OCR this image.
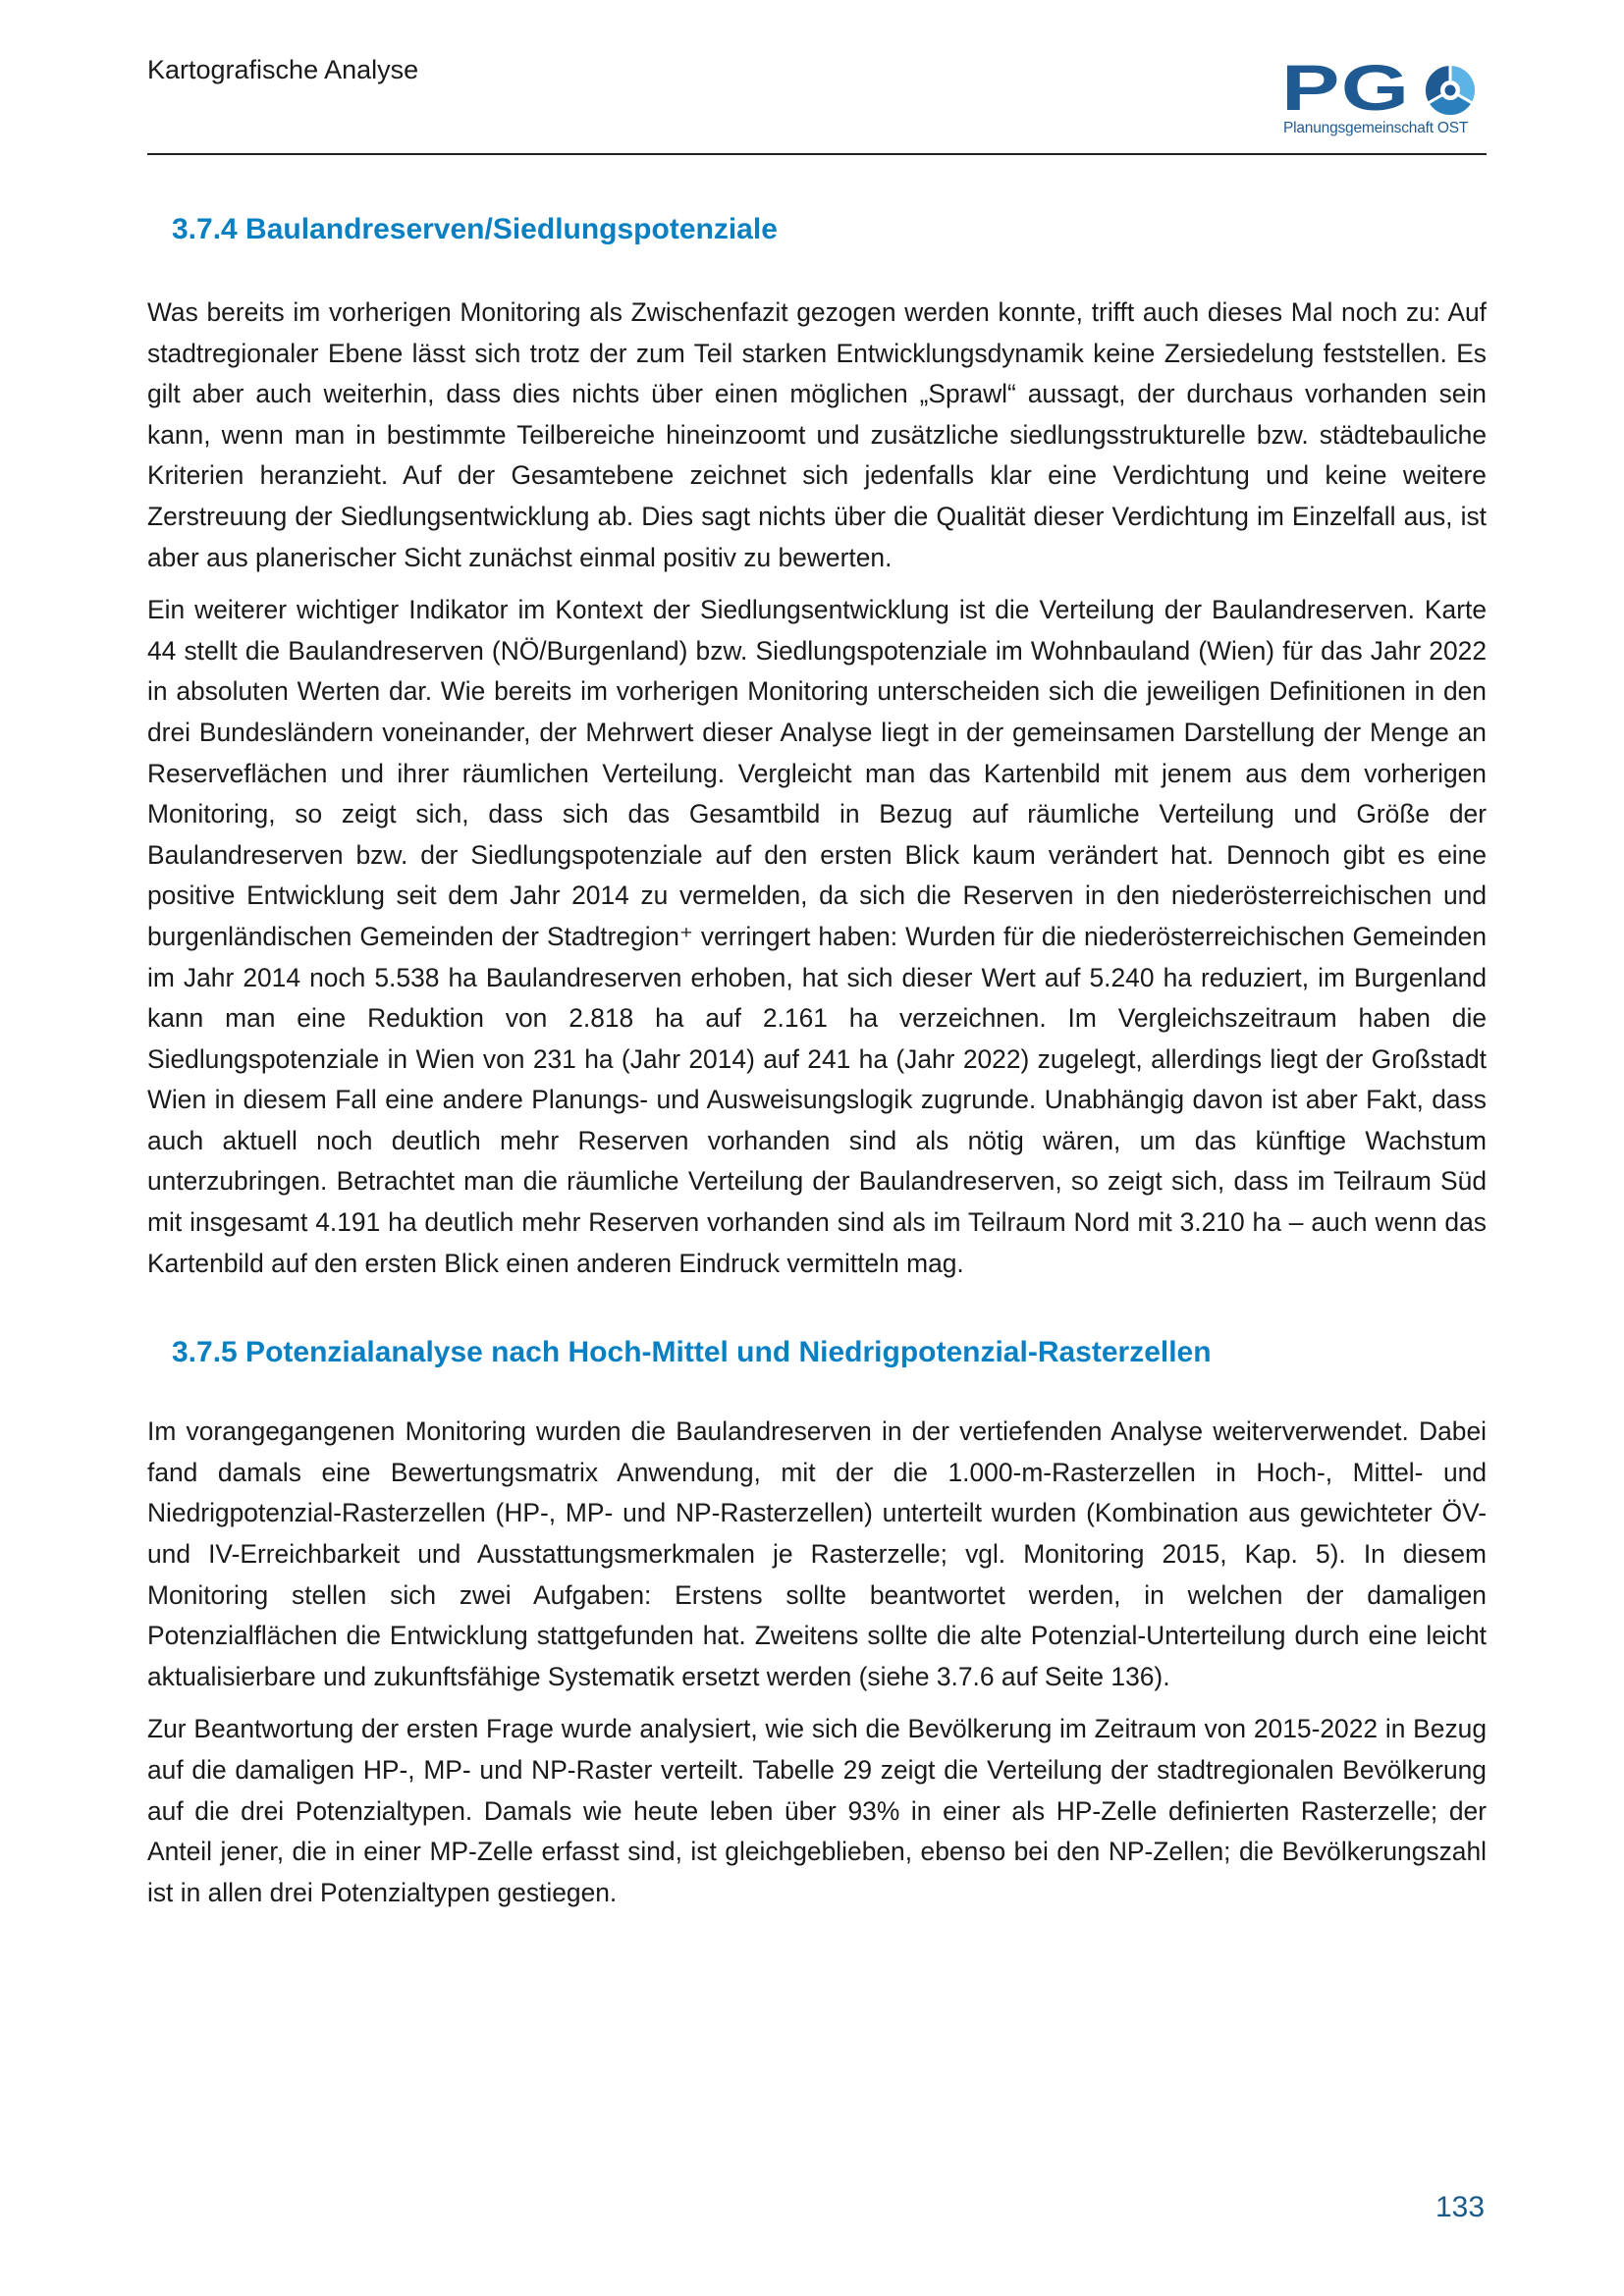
Kartografische Analyse	PG
Planungsgemeinschaft OST
3.7.4 Baulandreserven/Siedlungspotenziale

Was bereits im vorherigen Monitoring als Zwischenfazit gezogen werden konnte, trifft auch dieses Mal noch zu: Auf stadtregionaler Ebene lässt sich trotz der zum Teil starken Entwicklungsdynamik keine Zersiedelung feststellen. Es gilt aber auch weiterhin, dass dies nichts über einen möglichen „Sprawl“ aussagt, der durchaus vorhanden sein kann, wenn man in bestimmte Teilbereiche hineinzoomt und zusätzliche siedlungsstrukturelle bzw. städtebauliche Kriterien heranzieht. Auf der Gesamtebene zeichnet sich jedenfalls klar eine Verdichtung und keine weitere Zerstreuung der Siedlungsentwicklung ab. Dies sagt nichts über die Qualität dieser Verdichtung im Einzelfall aus, ist aber aus planerischer Sicht zunächst einmal positiv zu bewerten.

Ein weiterer wichtiger Indikator im Kontext der Siedlungsentwicklung ist die Verteilung der Baulandreserven. Karte 44 stellt die Baulandreserven (NÖ/Burgenland) bzw. Siedlungspotenziale im Wohnbauland (Wien) für das Jahr 2022 in absoluten Werten dar. Wie bereits im vorherigen Monitoring unterscheiden sich die jeweiligen Definitionen in den drei Bundesländern voneinander, der Mehrwert dieser Analyse liegt in der gemeinsamen Darstellung der Menge an Reserveflächen und ihrer räumlichen Verteilung. Vergleicht man das Kartenbild mit jenem aus dem vorherigen Monitoring, so zeigt sich, dass sich das Gesamtbild in Bezug auf räumliche Verteilung und Größe der Baulandreserven bzw. der Siedlungspotenziale auf den ersten Blick kaum verändert hat. Dennoch gibt es eine positive Entwicklung seit dem Jahr 2014 zu vermelden, da sich die Reserven in den niederösterreichischen und burgenländischen Gemeinden der Stadtregion⁺ verringert haben: Wurden für die niederösterreichischen Gemeinden im Jahr 2014 noch 5.538 ha Baulandreserven erhoben, hat sich dieser Wert auf 5.240 ha reduziert, im Burgenland kann man eine Reduktion von 2.818 ha auf 2.161 ha verzeichnen. Im Vergleichszeitraum haben die Siedlungspotenziale in Wien von 231 ha (Jahr 2014) auf 241 ha (Jahr 2022) zugelegt, allerdings liegt der Großstadt Wien in diesem Fall eine andere Planungs- und Ausweisungslogik zugrunde. Unabhängig davon ist aber Fakt, dass auch aktuell noch deutlich mehr Reserven vorhanden sind als nötig wären, um das künftige Wachstum unterzubringen. Betrachtet man die räumliche Verteilung der Baulandreserven, so zeigt sich, dass im Teilraum Süd mit insgesamt 4.191 ha deutlich mehr Reserven vorhanden sind als im Teilraum Nord mit 3.210 ha – auch wenn das Kartenbild auf den ersten Blick einen anderen Eindruck vermitteln mag.

3.7.5 Potenzialanalyse nach Hoch-Mittel und Niedrigpotenzial-Rasterzellen

Im vorangegangenen Monitoring wurden die Baulandreserven in der vertiefenden Analyse weiterverwendet. Dabei fand damals eine Bewertungsmatrix Anwendung, mit der die 1.000-m-Rasterzellen in Hoch-, Mittel- und Niedrigpotenzial-Rasterzellen (HP-, MP- und NP-Rasterzellen) unterteilt wurden (Kombination aus gewichteter ÖV- und IV-Erreichbarkeit und Ausstattungsmerkmalen je Rasterzelle; vgl. Monitoring 2015, Kap. 5). In diesem Monitoring stellen sich zwei Aufgaben: Erstens sollte beantwortet werden, in welchen der damaligen Potenzialflächen die Entwicklung stattgefunden hat. Zweitens sollte die alte Potenzial-Unterteilung durch eine leicht aktualisierbare und zukunftsfähige Systematik ersetzt werden (siehe 3.7.6 auf Seite 136).

Zur Beantwortung der ersten Frage wurde analysiert, wie sich die Bevölkerung im Zeitraum von 2015-2022 in Bezug auf die damaligen HP-, MP- und NP-Raster verteilt. Tabelle 29 zeigt die Verteilung der stadtregionalen Bevölkerung auf die drei Potenzialtypen. Damals wie heute leben über 93% in einer als HP-Zelle definierten Rasterzelle; der Anteil jener, die in einer MP-Zelle erfasst sind, ist gleichgeblieben, ebenso bei den NP-Zellen; die Bevölkerungszahl ist in allen drei Potenzialtypen gestiegen.

133
